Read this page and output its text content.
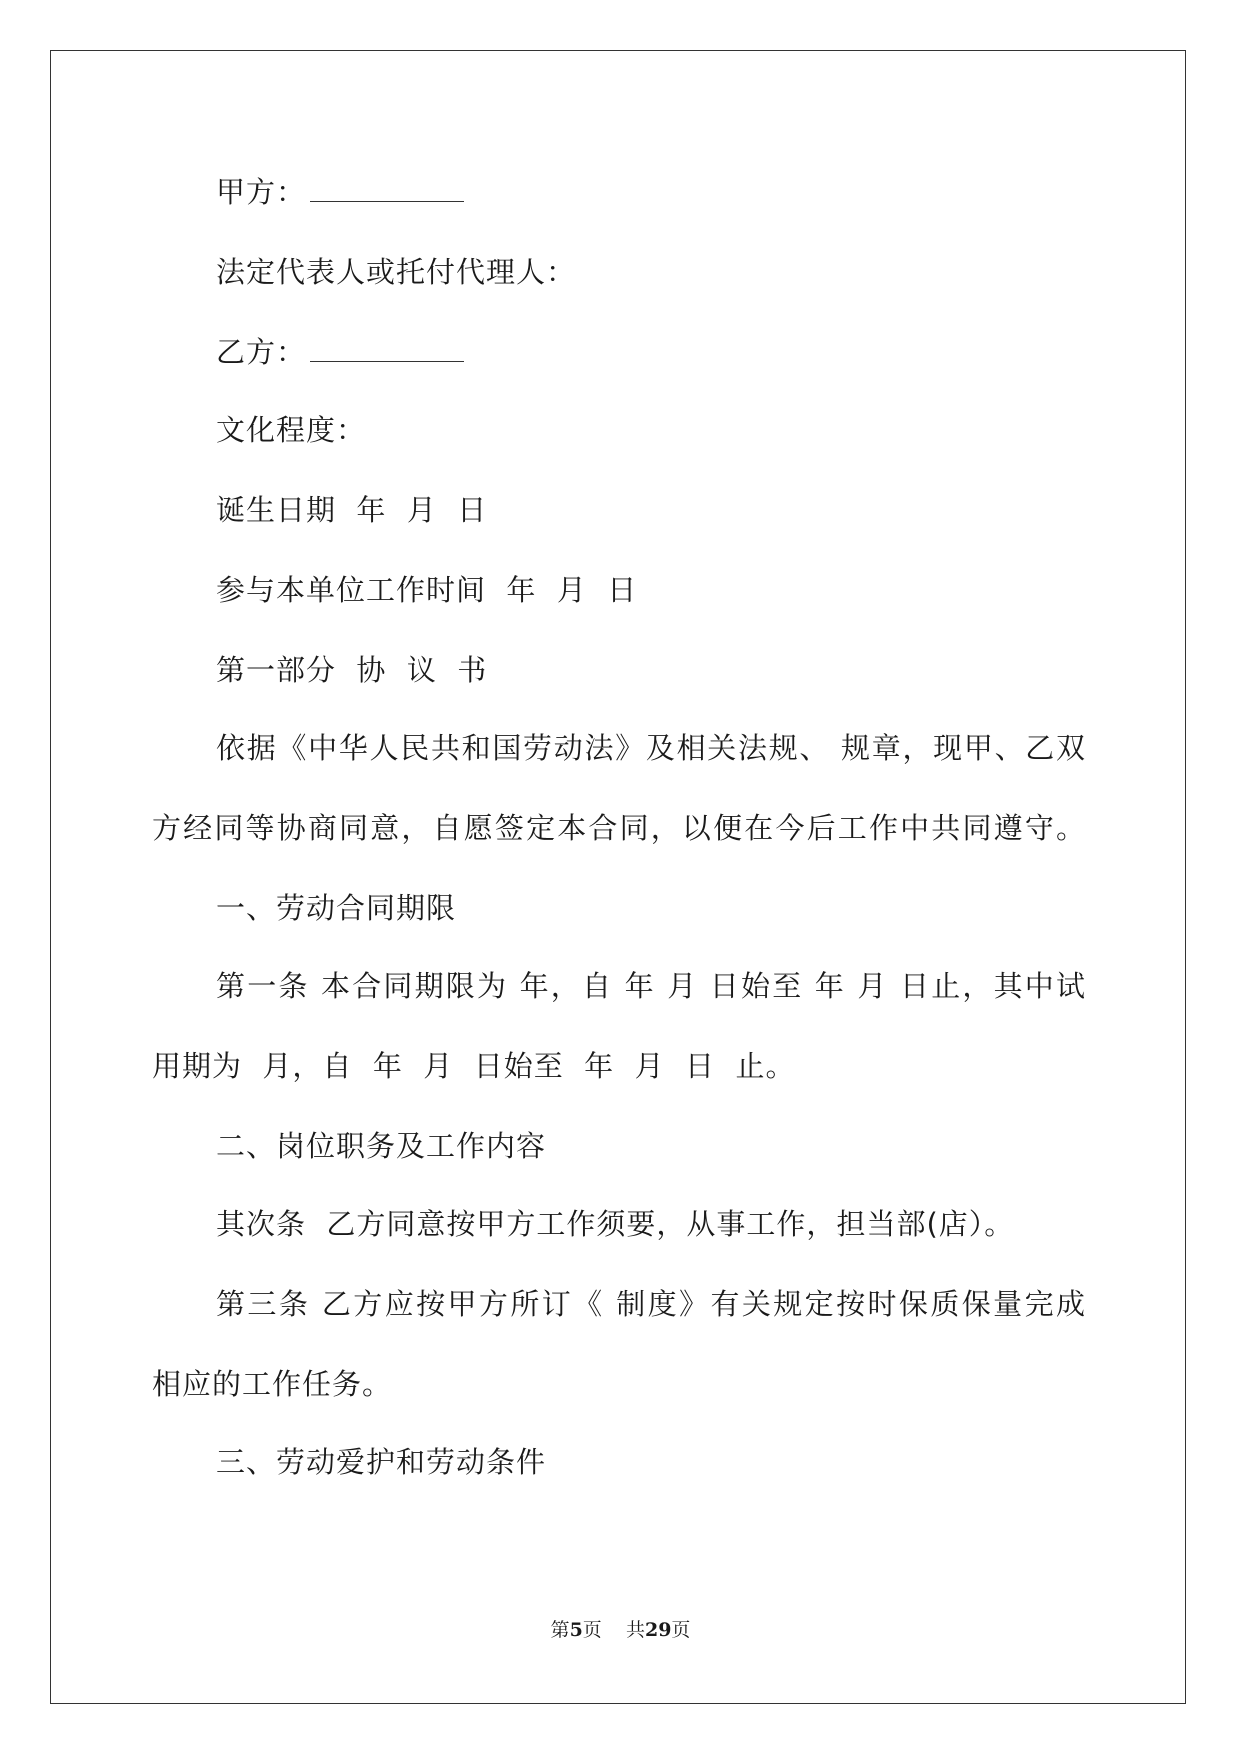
甲方：
法定代表人或托付代理人：
乙方：
文化程度：
诞生日期  年  月  日
参与本单位工作时间  年  月  日
第一部分  协  议  书
依据《中华人民共和国劳动法》及相关法规、 规章，现甲、乙双
方经同等协商同意，自愿签定本合同，以便在今后工作中共同遵守。
一、劳动合同期限
第一条 本合同期限为 年，自 年 月 日始至 年 月 日止，其中试
用期为  月，自  年  月  日始至  年  月  日  止。
二、岗位职务及工作内容
其次条  乙方同意按甲方工作须要，从事工作，担当部(店）。
第三条 乙方应按甲方所订《 制度》有关规定按时保质保量完成
相应的工作任务。
三、劳动爱护和劳动条件
第5页    共29页
